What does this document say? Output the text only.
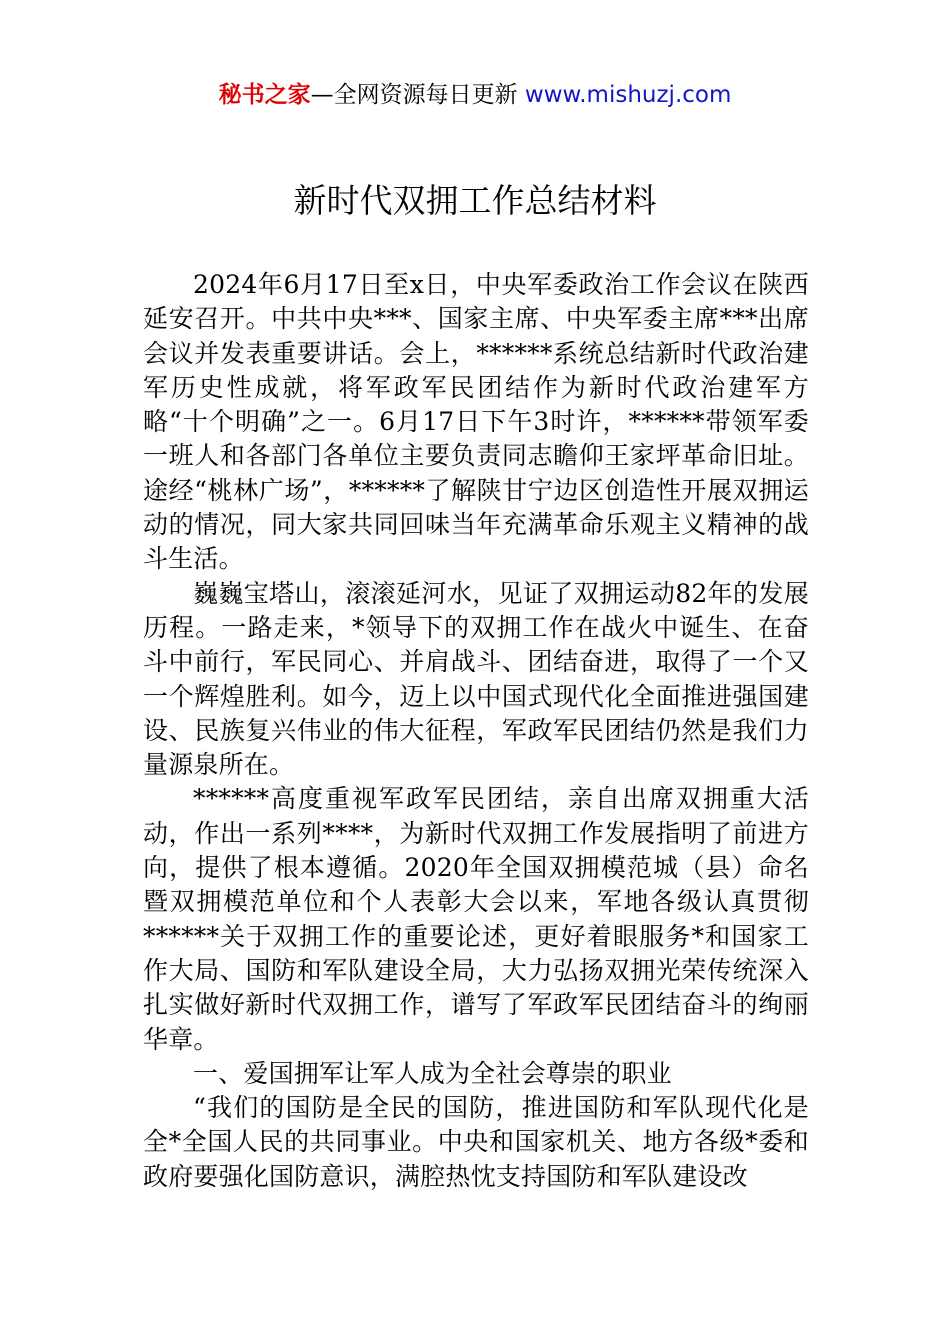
秘书之家—全网资源每日更新 www.mishuzj.com
新时代双拥工作总结材料

2024年6月17日至x日，中央军委政治工作会议在陕西延安召开。中共中央***、国家主席、中央军委主席***出席会议并发表重要讲话。会上，******系统总结新时代政治建军历史性成就，将军政军民团结作为新时代政治建军方略“十个明确”之一。6月17日下午3时许，******带领军委一班人和各部门各单位主要负责同志瞻仰王家坪革命旧址。途经“桃林广场”，******了解陕甘宁边区创造性开展双拥运动的情况，同大家共同回味当年充满革命乐观主义精神的战斗生活。

巍巍宝塔山，滚滚延河水，见证了双拥运动82年的发展历程。一路走来，*领导下的双拥工作在战火中诞生、在奋斗中前行，军民同心、并肩战斗、团结奋进，取得了一个又一个辉煌胜利。如今，迈上以中国式现代化全面推进强国建设、民族复兴伟业的伟大征程，军政军民团结仍然是我们力量源泉所在。

******高度重视军政军民团结，亲自出席双拥重大活动，作出一系列****，为新时代双拥工作发展指明了前进方向，提供了根本遵循。2020年全国双拥模范城（县）命名暨双拥模范单位和个人表彰大会以来，军地各级认真贯彻******关于双拥工作的重要论述，更好着眼服务*和国家工作大局、国防和军队建设全局，大力弘扬双拥光荣传统深入扎实做好新时代双拥工作，谱写了军政军民团结奋斗的绚丽华章。

一、爱国拥军让军人成为全社会尊崇的职业

“我们的国防是全民的国防，推进国防和军队现代化是全*全国人民的共同事业。中央和国家机关、地方各级*委和政府要强化国防意识，满腔热忱支持国防和军队建设改
